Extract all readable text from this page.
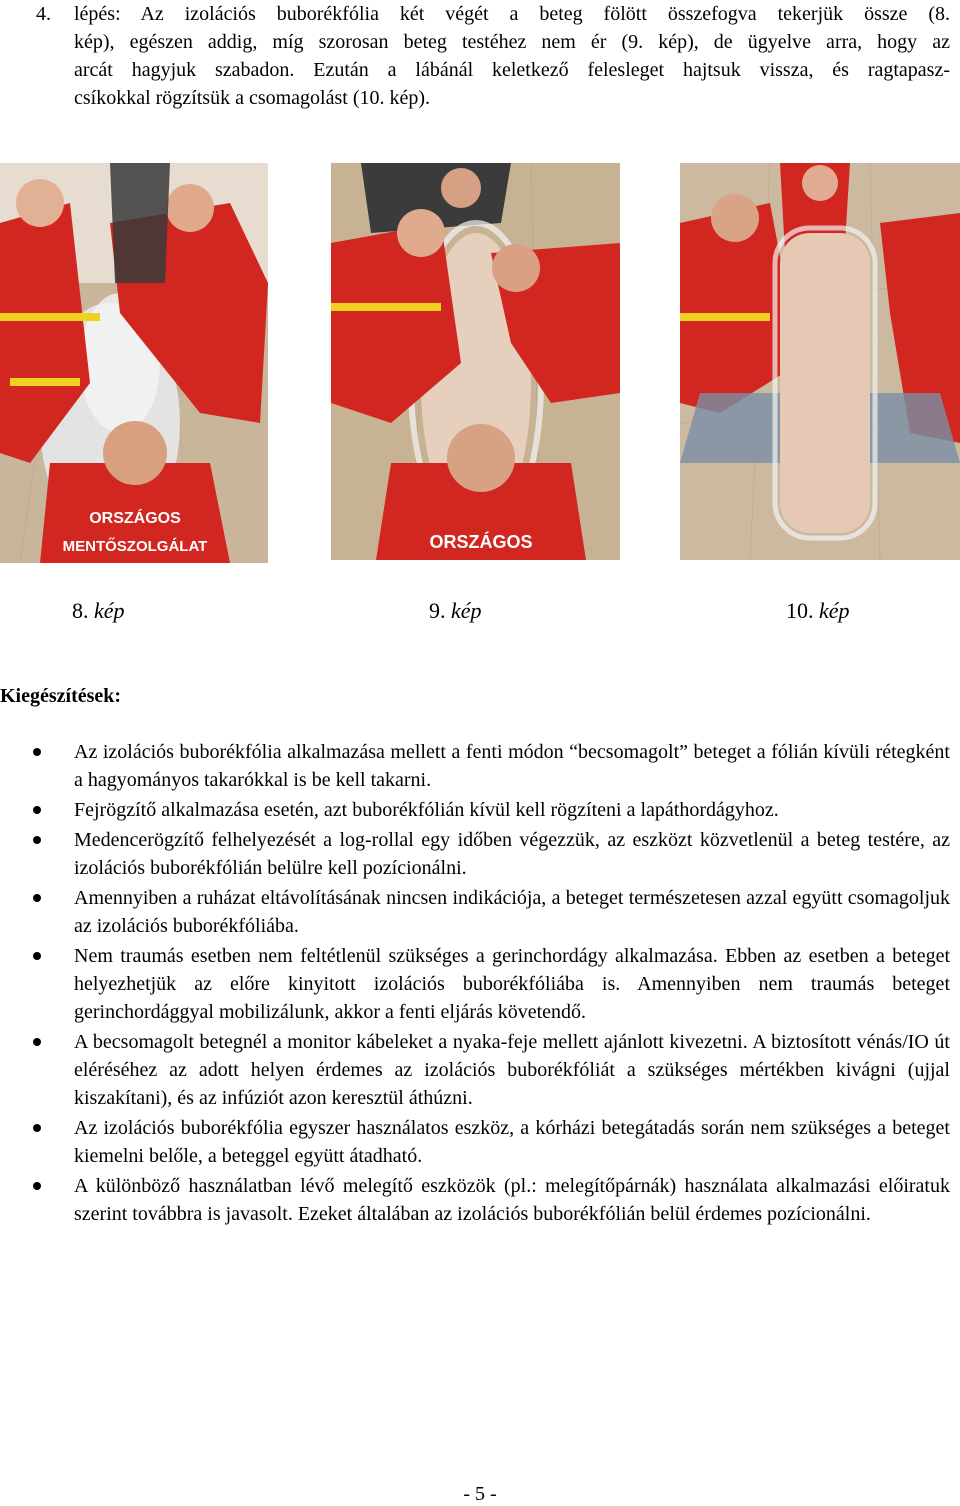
4.	lépés: Az izolációs buborékfólia két végét a beteg fölött összefogva tekerjük össze (8.
kép), egészen addig, míg szorosan beteg testéhez nem ér (9. kép), de ügyelve arra, hogy az
arcát hagyjuk szabadon. Ezután a lábánál keletkező felesleget hajtsuk vissza, és ragtapasz-
csíkokkal rögzítsük a csomagolást (10. kép).
ORSZÁGOS
MENTŐSZOLGÁLAT	ORSZÁGOS
8. kép	9. kép	10. kép
Kiegészítések:
Az izolációs buborékfólia alkalmazása mellett a fenti módon “becsomagolt” beteget a fólián kívüli rétegként a hagyományos takarókkal is be kell takarni.
Fejrögzítő alkalmazása esetén, azt buborékfólián kívül kell rögzíteni a lapáthordágyhoz.
Medencerögzítő felhelyezését a log-rollal egy időben végezzük, az eszközt közvetlenül a beteg testére, az izolációs buborékfólián belülre kell pozícionálni.
Amennyiben a ruházat eltávolításának nincsen indikációja, a beteget természetesen azzal együtt csomagoljuk az izolációs buborékfóliába.
Nem traumás esetben nem feltétlenül szükséges a gerinchordágy alkalmazása. Ebben az esetben a beteget helyezhetjük az előre kinyitott izolációs buborékfóliába is. Amennyiben nem traumás beteget gerinchordággyal mobilizálunk, akkor a fenti eljárás követendő.
A becsomagolt betegnél a monitor kábeleket a nyaka-feje mellett ajánlott kivezetni. A biztosított vénás/IO út eléréséhez az adott helyen érdemes az izolációs buborékfóliát a szükséges mértékben kivágni (ujjal kiszakítani), és az infúziót azon keresztül áthúzni.
Az izolációs buborékfólia egyszer használatos eszköz, a kórházi betegátadás során nem szükséges a beteget kiemelni belőle, a beteggel együtt átadható.
A különböző használatban lévő melegítő eszközök (pl.: melegítőpárnák) használata alkalmazási előiratuk szerint továbbra is javasolt. Ezeket általában az izolációs buborékfólián belül érdemes pozícionálni.
- 5 -
